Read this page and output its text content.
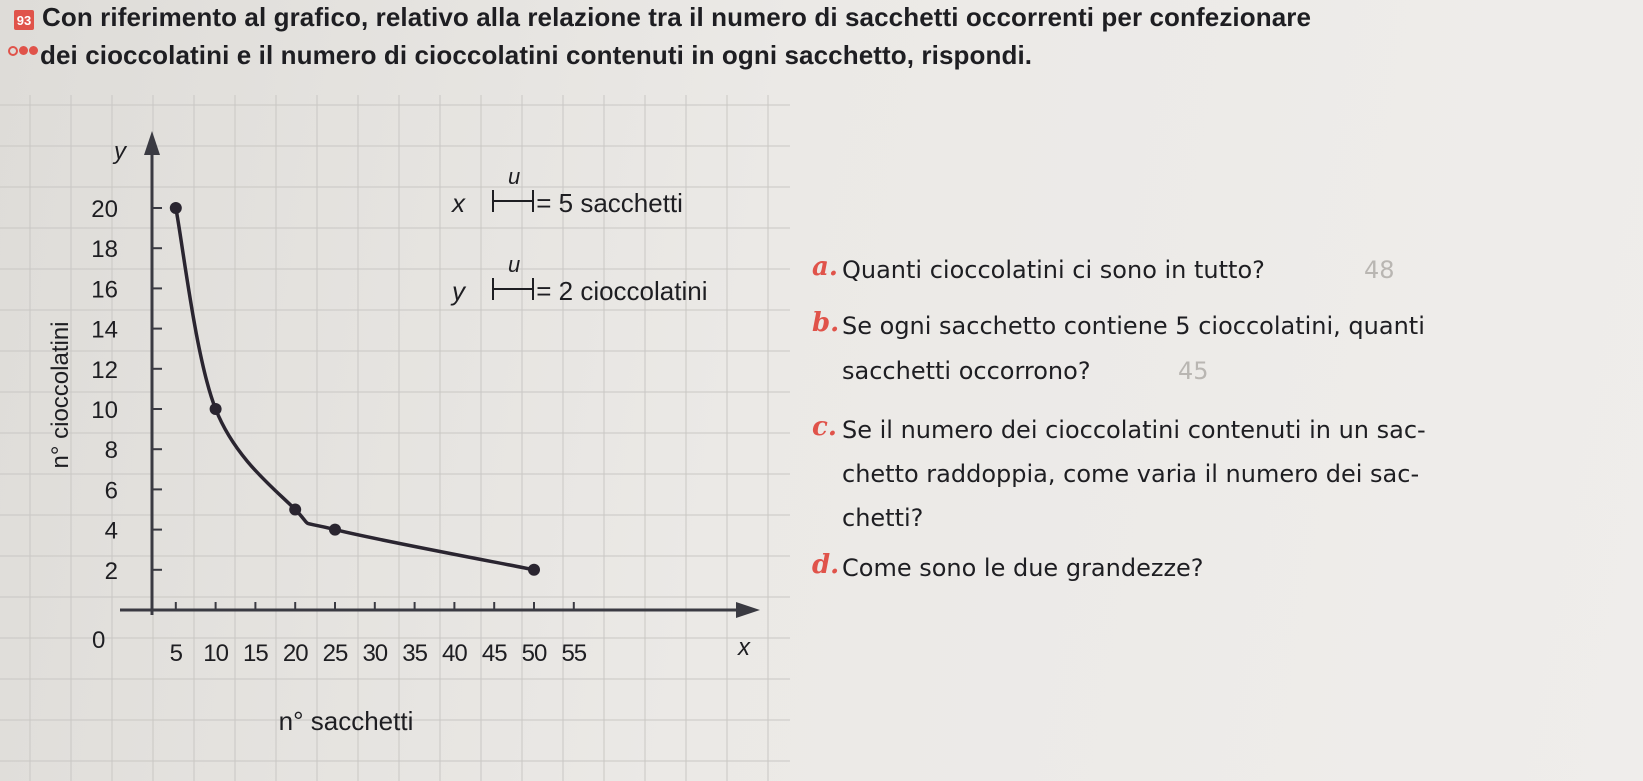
93 Con riferimento al grafico, relativo alla relazione tra il numero di sacchetti occorrenti per confezionare
dei cioccolatini e il numero di cioccolatini contenuti in ogni sacchetto, rispondi.
5 10 15 20 25 30 35 40 45 50 55
2
4
6
8
10
12
14
16
18
20
0	x
y
n° sacchetti
n° cioccolatini
x
u
= 5 sacchetti
y
u
= 2 cioccolatini
a. Quanti cioccolatini ci sono in tutto?	48
b. Se ogni sacchetto contiene 5 cioccolatini, quanti
sacchetti occorrono?	45
c. Se il numero dei cioccolatini contenuti in un sac-
chetto raddoppia, come varia il numero dei sac-
chetti?
d. Come sono le due grandezze?
